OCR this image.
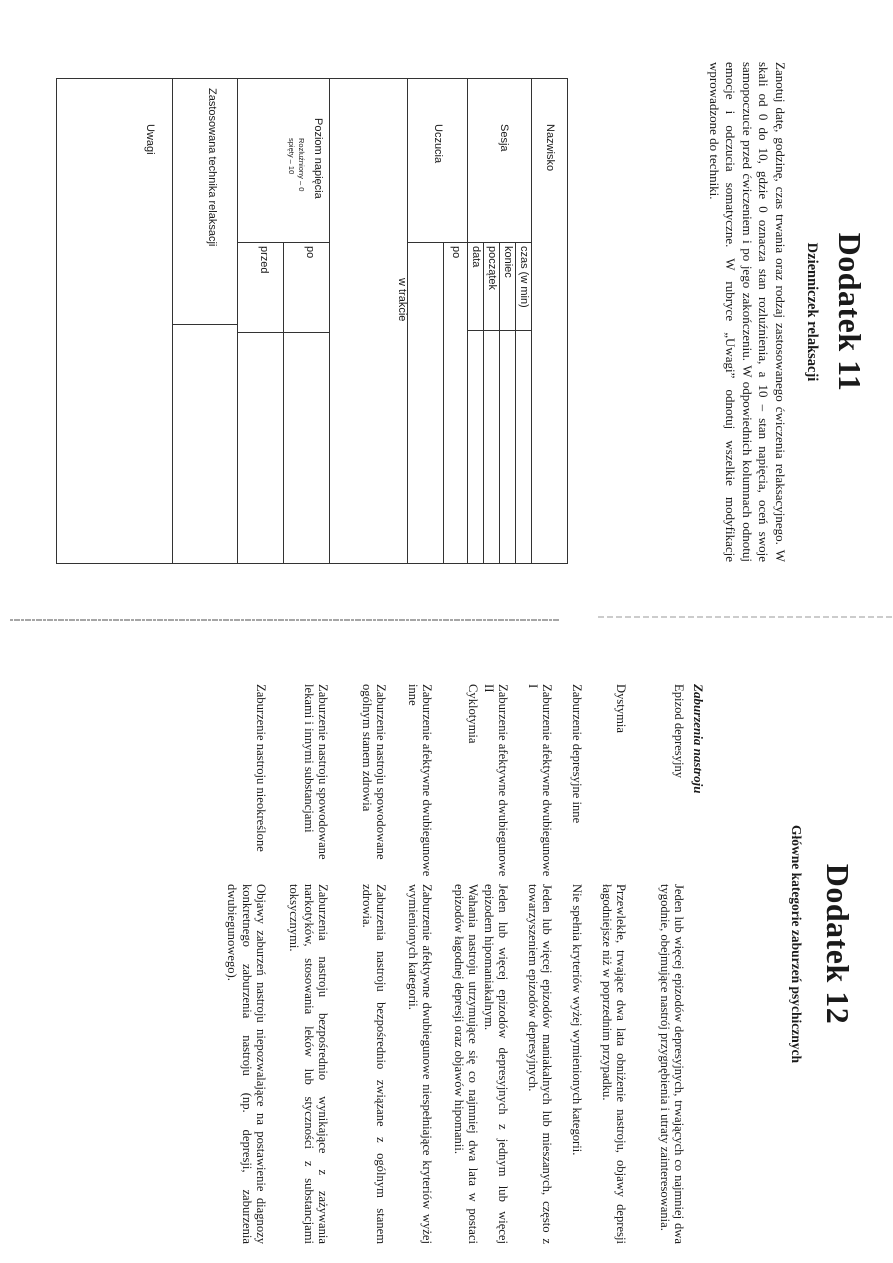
Dodatek 11
Dzienniczek relaksacji
Zanotuj datę, godzinę, czas trwania oraz rodzaj zastosowanego ćwiczenia relaksacyjnego. W skali od 0 do 10, gdzie 0 oznacza stan rozluźnienia, a 10 – stan napięcia, oceń swoje samopoczucie przed ćwiczeniem i po jego zakończeniu. W odpowiednich kolumnach odnotuj emocje i odczucia somatyczne. W rubryce „Uwagi” odnotuj wszelkie modyfikacje wprowadzone do techniki.
Nazwisko
Sesja
czas (w min)
koniec
początek
data
Uczucia
po
w trakcie
Poziom napięcia
Rozluźniony – 0
spięty – 10
po
przed
Zastosowana technika relaksacji
Uwagi
Dodatek 12
Główne kategorie zaburzeń psychicznych
Zaburzenia nastroju
Epizod depresyjny
Jeden lub więcej epizodów depresyjnych, trwających co najmniej dwa tygodnie, obejmujące nastrój przygnębienia i utraty zainteresowania.
Dystymia
Przewlekłe, trwające dwa lata obniżenie nastroju, objawy depresji łagodniejsze niż w poprzednim przypadku.
Zaburzenie depresyjne inne
Nie spełnia kryteriów wyżej wymienionych kategorii.
Zaburzenie afektywne dwubiegunowe I
Jeden lub więcej epizodów maniakalnych lub mieszanych, często z towarzyszeniem epizodów depresyjnych.
Zaburzenie afektywne dwubiegunowe II
Jeden lub więcej epizodów depresyjnych z jednym lub więcej epizodem hipomaniakalnym.
Cyklotymia
Wahania nastroju utrzymujące się co najmniej dwa lata w postaci epizodów łagodnej depresji oraz objawów hipomanii.
Zaburzenie afektywne dwubiegunowe inne
Zaburzenie afektywne dwubiegunowe niespełniające kryteriów wyżej wymienionych kategorii.
Zaburzenie nastroju spowodowane ogólnym stanem zdrowia
Zaburzenia nastroju bezpośrednio związane z ogólnym stanem zdrowia.
Zaburzenie nastroju spowodowane lekami i innymi substancjami
Zaburzenia nastroju bezpośrednio wynikające z zażywania narkotyków, stosowania leków lub styczności z substancjami toksycznymi.
Zaburzenie nastroju nieokreślone
Objawy zaburzeń nastroju niepozwalające na postawienie diagnozy konkretnego zaburzenia nastroju (np. depresji, zaburzenia dwubiegunowego).
